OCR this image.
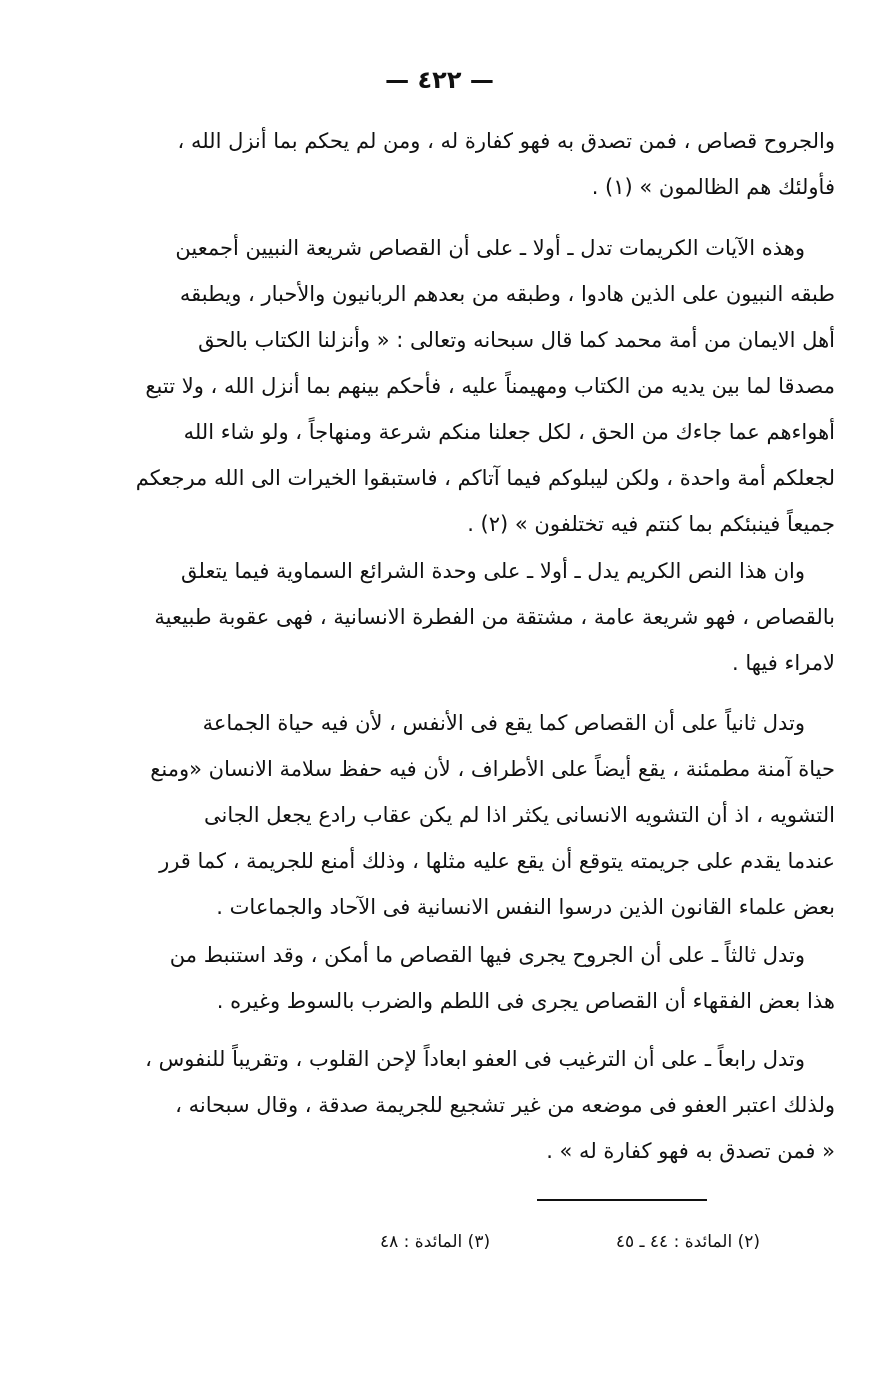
— ٤٢٢ —
والجروح قصاص ، فمن تصدق به فهو كفارة له ، ومن لم يحكم بما أنزل الله ،
فأولئك هم الظالمون » (١) .
وهذه الآيات الكريمات تدل ـ أولا ـ على أن القصاص شريعة النبيين أجمعين
طبقه النبيون على الذين هادوا ، وطبقه من بعدهم الربانيون والأحبار ، ويطبقه
أهل الايمان من أمة محمد كما قال سبحانه وتعالى : « وأنزلنا الكتاب بالحق
مصدقا لما بين يديه من الكتاب ومهيمناً عليه ، فأحكم بينهم بما أنزل الله ، ولا تتبع
أهواءهم عما جاءك من الحق ، لكل جعلنا منكم شرعة ومنهاجاً ، ولو شاء الله
لجعلكم أمة واحدة ، ولكن ليبلوكم فيما آتاكم ، فاستبقوا الخيرات الى الله مرجعكم
جميعاً فينبئكم بما كنتم فيه تختلفون » (٢) .
وان هذا النص الكريم يدل ـ أولا ـ على وحدة الشرائع السماوية فيما يتعلق
بالقصاص ، فهو شريعة عامة ، مشتقة من الفطرة الانسانية ، فهى عقوبة طبيعية
لامراء فيها .
وتدل ثانياً على أن القصاص كما يقع فى الأنفس ، لأن فيه حياة الجماعة
حياة آمنة مطمئنة ، يقع أيضاً على الأطراف ، لأن فيه حفظ سلامة الانسان «ومنع
التشويه ، اذ أن التشويه الانسانى يكثر اذا لم يكن عقاب رادع يجعل الجانى
عندما يقدم على جريمته يتوقع أن يقع عليه مثلها ، وذلك أمنع للجريمة ، كما قرر
بعض علماء القانون الذين درسوا النفس الانسانية فى الآحاد والجماعات .
وتدل ثالثاً ـ على أن الجروح يجرى فيها القصاص ما أمكن ، وقد استنبط من
هذا بعض الفقهاء أن القصاص يجرى فى اللطم والضرب بالسوط وغيره .
وتدل رابعاً ـ على أن الترغيب فى العفو ابعاداً لإحن القلوب ، وتقريباً للنفوس ،
ولذلك اعتبر العفو فى موضعه من غير تشجيع للجريمة صدقة ، وقال سبحانه ،
« فمن تصدق به فهو كفارة له » .
(٢) المائدة : ٤٤ ـ ٤٥
(٣) المائدة : ٤٨
